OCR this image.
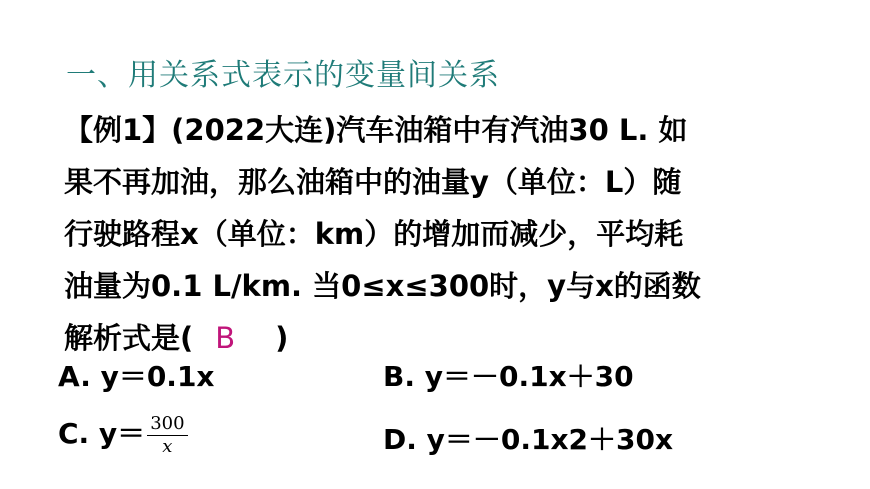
一、用关系式表示的变量间关系
【例1】(2022大连)汽车油箱中有汽油30 L. 如
果不再加油，那么油箱中的油量y（单位：L）随
行驶路程x（单位：km）的增加而减少，平均耗
油量为0.1 L/km. 当0≤x≤300时，y与x的函数
解析式是( B )
A. y＝0.1x	B. y＝－0.1x＋30
C. $y= \frac{300}{x}$	D. y＝－0.1x2＋30x
